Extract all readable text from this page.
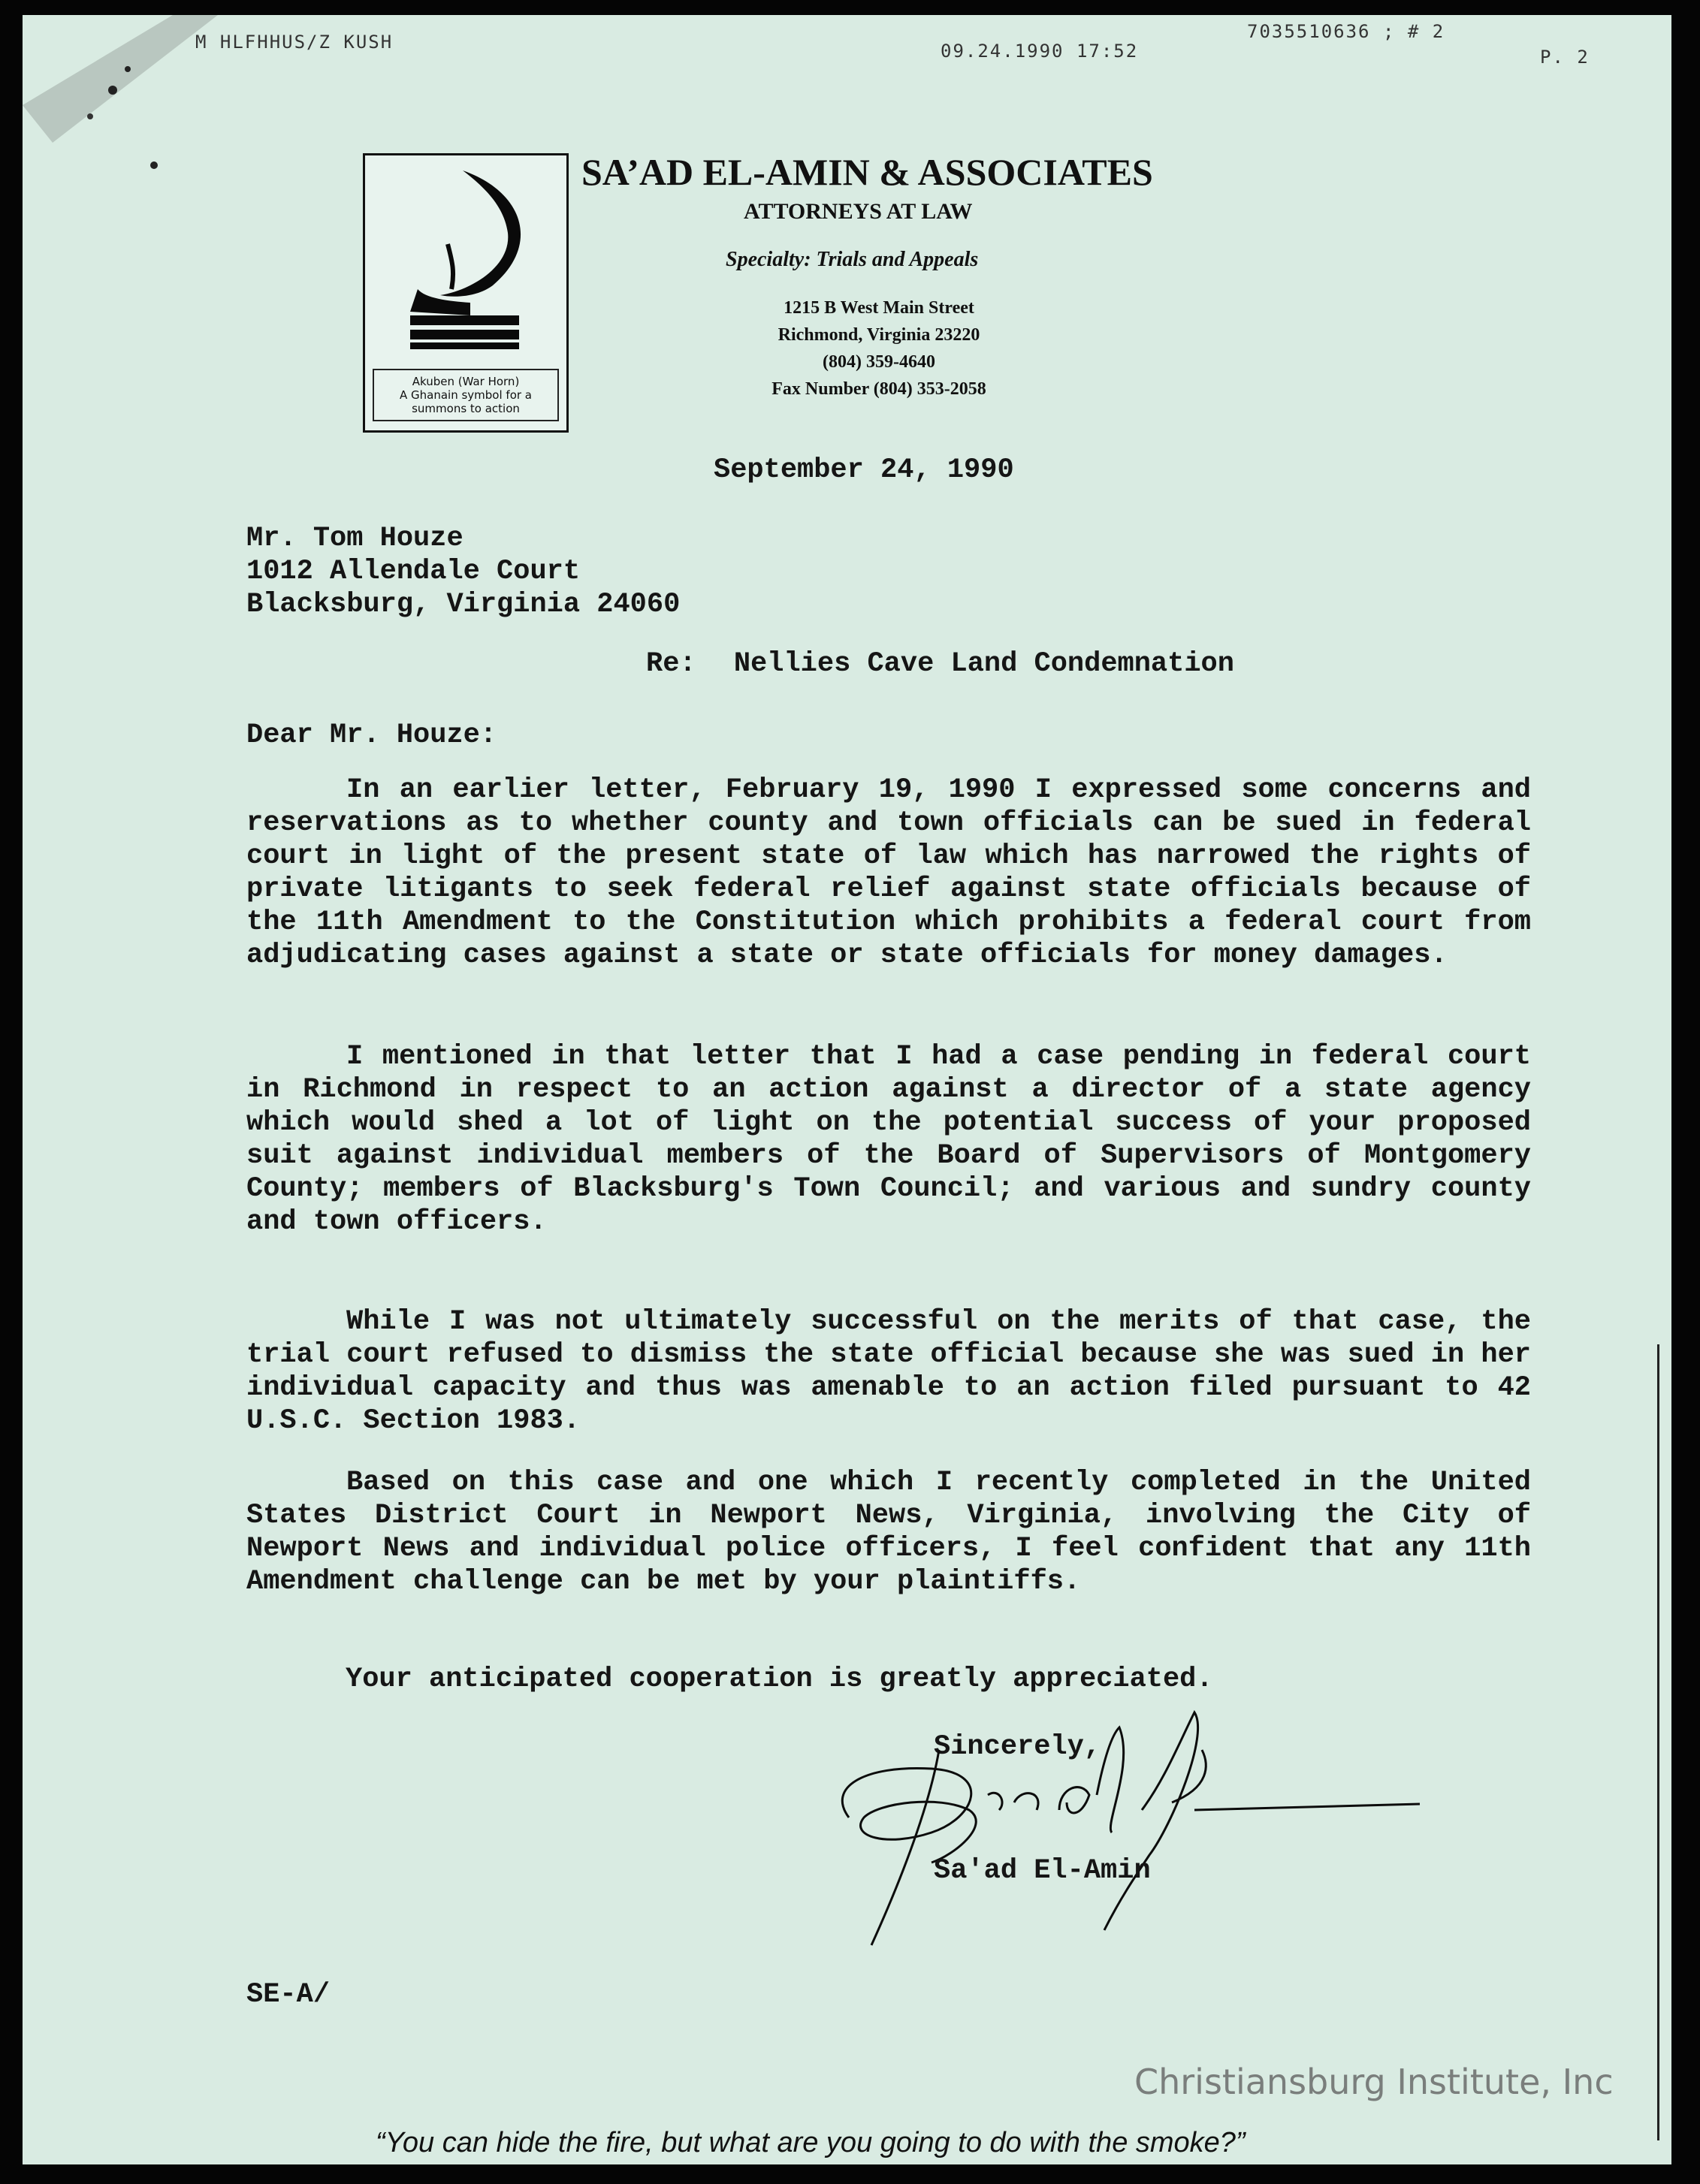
M HLFHHUS/Z KUSH	09.24.1990 17:52
7035510636 ; # 2
P. 2
Akuben (War Horn)
A Ghanain symbol for a
summons to action
SA’AD EL-AMIN & ASSOCIATES
ATTORNEYS AT LAW
Specialty: Trials and Appeals
1215 B West Main Street
Richmond, Virginia 23220
(804) 359-4640
Fax Number (804) 353-2058
September 24, 1990
Mr. Tom Houze
1012 Allendale Court
Blacksburg, Virginia 24060
Re: Nellies Cave Land Condemnation
Dear Mr. Houze:
In an earlier letter, February 19, 1990 I expressed some concerns and reservations as to whether county and town officials can be sued in federal court in light of the present state of law which has narrowed the rights of private litigants to seek federal relief against state officials because of the 11th Amendment to the Constitution which prohibits a federal court from adjudicating cases against a state or state officials for money damages.
I mentioned in that letter that I had a case pending in federal court in Richmond in respect to an action against a director of a state agency which would shed a lot of light on the potential success of your proposed suit against individual members of the Board of Supervisors of Montgomery County; members of Blacksburg's Town Council; and various and sundry county and town officers.
While I was not ultimately successful on the merits of that case, the trial court refused to dismiss the state official because she was sued in her individual capacity and thus was amenable to an action filed pursuant to 42 U.S.C. Section 1983.
Based on this case and one which I recently completed in the United States District Court in Newport News, Virginia, involving the City of Newport News and individual police officers, I feel confident that any 11th Amendment challenge can be met by your plaintiffs.
Your anticipated cooperation is greatly appreciated.
Sincerely,
Sa'ad El-Amin
SE-A/
Christiansburg Institute, Inc
“You can hide the fire, but what are you going to do with the smoke?”
